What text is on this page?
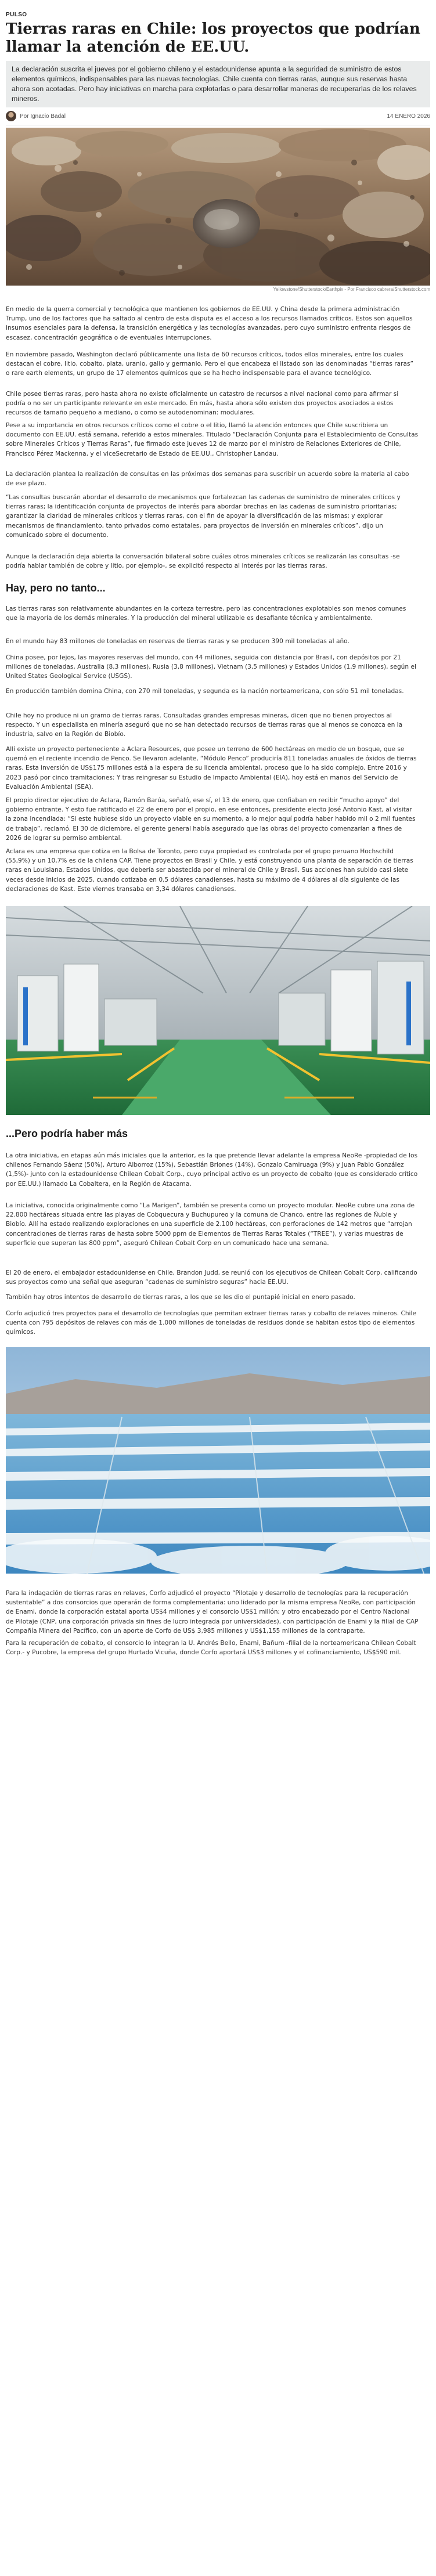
PULSO
Tierras raras en Chile: los proyectos que podrían llamar la atención de EE.UU.
La declaración suscrita el jueves por el gobierno chileno y el estadounidense apunta a la seguridad de suministro de estos elementos químicos, indispensables para las nuevas tecnologías. Chile cuenta con tierras raras, aunque sus reservas hasta ahora son acotadas. Pero hay iniciativas en marcha para explotarlas o para desarrollar maneras de recuperarlas de los relaves mineros.
Por Ignacio Badal	14 ENERO 2026
Yellowstone/Shutterstock/Earthpix - Por Francisco cabrera/Shutterstock.com

En medio de la guerra comercial y tecnológica que mantienen los gobiernos de EE.UU. y China desde la primera administración Trump, uno de los factores que ha saltado al centro de esta disputa es el acceso a los recursos llamados críticos. Estos son aquellos insumos esenciales para la defensa, la transición energética y las tecnologías avanzadas, pero cuyo suministro enfrenta riesgos de escasez, concentración geográfica o de eventuales interrupciones.

En noviembre pasado, Washington declaró públicamente una lista de 60 recursos críticos, todos ellos minerales, entre los cuales destacan el cobre, litio, cobalto, plata, uranio, galio y germanio. Pero el que encabeza el listado son las denominadas “tierras raras” o rare earth elements, un grupo de 17 elementos químicos que se ha hecho indispensable para el avance tecnológico.

Chile posee tierras raras, pero hasta ahora no existe oficialmente un catastro de recursos a nivel nacional como para afirmar si podría o no ser un participante relevante en este mercado. En más, hasta ahora sólo existen dos proyectos asociados a estos recursos de tamaño pequeño a mediano, o como se autodenominan: modulares.

Pese a su importancia en otros recursos críticos como el cobre o el litio, llamó la atención entonces que Chile suscribiera un documento con EE.UU. está semana, referido a estos minerales. Titulado “Declaración Conjunta para el Establecimiento de Consultas sobre Minerales Críticos y Tierras Raras”, fue firmado este jueves 12 de marzo por el ministro de Relaciones Exteriores de Chile, Francisco Pérez Mackenna, y el viceSecretario de Estado de EE.UU., Christopher Landau.

La declaración plantea la realización de consultas en las próximas dos semanas para suscribir un acuerdo sobre la materia al cabo de ese plazo.

“Las consultas buscarán abordar el desarrollo de mecanismos que fortalezcan las cadenas de suministro de minerales críticos y tierras raras; la identificación conjunta de proyectos de interés para abordar brechas en las cadenas de suministro prioritarias; garantizar la claridad de minerales críticos y tierras raras, con el fin de apoyar la diversificación de las mismas; y explorar mecanismos de financiamiento, tanto privados como estatales, para proyectos de inversión en minerales críticos”, dijo un comunicado sobre el documento.

Aunque la declaración deja abierta la conversación bilateral sobre cuáles otros minerales críticos se realizarán las consultas -se podría hablar también de cobre y litio, por ejemplo-, se explicitó respecto al interés por las tierras raras.

Hay, pero no tanto...

Las tierras raras son relativamente abundantes en la corteza terrestre, pero las concentraciones explotables son menos comunes que la mayoría de los demás minerales. Y la producción del mineral utilizable es desafiante técnica y ambientalmente.

En el mundo hay 83 millones de toneladas en reservas de tierras raras y se producen 390 mil toneladas al año.

China posee, por lejos, las mayores reservas del mundo, con 44 millones, seguida con distancia por Brasil, con depósitos por 21 millones de toneladas, Australia (8,3 millones), Rusia (3,8 millones), Vietnam (3,5 millones) y Estados Unidos (1,9 millones), según el United States Geological Service (USGS).

En producción también domina China, con 270 mil toneladas, y segunda es la nación norteamericana, con sólo 51 mil toneladas.

Chile hoy no produce ni un gramo de tierras raras. Consultadas grandes empresas mineras, dicen que no tienen proyectos al respecto. Y un especialista en minería aseguró que no se han detectado recursos de tierras raras que al menos se conozca en la industria, salvo en la Región de Biobío.

Allí existe un proyecto perteneciente a Aclara Resources, que posee un terreno de 600 hectáreas en medio de un bosque, que se quemó en el reciente incendio de Penco. Se llevaron adelante, “Módulo Penco” produciría 811 toneladas anuales de óxidos de tierras raras. Esta inversión de US$175 millones está a la espera de su licencia ambiental, proceso que lo ha sido complejo. Entre 2016 y 2023 pasó por cinco tramitaciones: Y tras reingresar su Estudio de Impacto Ambiental (EIA), hoy está en manos del Servicio de Evaluación Ambiental (SEA).

El propio director ejecutivo de Aclara, Ramón Barúa, señaló, ese sí, el 13 de enero, que confiaban en recibir “mucho apoyo” del gobierno entrante. Y esto fue ratificado el 22 de enero por el propio, en ese entonces, presidente electo José Antonio Kast, al visitar la zona incendiada: “Si este hubiese sido un proyecto viable en su momento, a lo mejor aquí podría haber habido mil o 2 mil fuentes de trabajo”, reclamó. El 30 de diciembre, el gerente general había asegurado que las obras del proyecto comenzarían a fines de 2026 de lograr su permiso ambiental.

Aclara es una empresa que cotiza en la Bolsa de Toronto, pero cuya propiedad es controlada por el grupo peruano Hochschild (55,9%) y un 10,7% es de la chilena CAP. Tiene proyectos en Brasil y Chile, y está construyendo una planta de separación de tierras raras en Louisiana, Estados Unidos, que debería ser abastecida por el mineral de Chile y Brasil. Sus acciones han subido casi siete veces desde inicios de 2025, cuando cotizaba en 0,5 dólares canadienses, hasta su máximo de 4 dólares al día siguiente de las declaraciones de Kast. Este viernes transaba en 3,34 dólares canadienses.

...Pero podría haber más

La otra iniciativa, en etapas aún más iniciales que la anterior, es la que pretende llevar adelante la empresa NeoRe -propiedad de los chilenos Fernando Sáenz (50%), Arturo Alborroz (15%), Sebastián Briones (14%), Gonzalo Camiruaga (9%) y Juan Pablo González (1,5%)- junto con la estadounidense Chilean Cobalt Corp., cuyo principal activo es un proyecto de cobalto (que es considerado crítico por EE.UU.) llamado La Cobaltera, en la Región de Atacama.

La iniciativa, conocida originalmente como “La Marigen”, también se presenta como un proyecto modular. NeoRe cubre una zona de 22.800 hectáreas situada entre las playas de Cobquecura y Buchupureo y la comuna de Chanco, entre las regiones de Ñuble y Biobío. Allí ha estado realizando exploraciones en una superficie de 2.100 hectáreas, con perforaciones de 142 metros que “arrojan concentraciones de tierras raras de hasta sobre 5000 ppm de Elementos de Tierras Raras Totales (“TREE”), y varias muestras de superficie que superan las 800 ppm”, aseguró Chilean Cobalt Corp en un comunicado hace una semana.

El 20 de enero, el embajador estadounidense en Chile, Brandon Judd, se reunió con los ejecutivos de Chilean Cobalt Corp, calificando sus proyectos como una señal que aseguran “cadenas de suministro seguras” hacia EE.UU.

También hay otros intentos de desarrollo de tierras raras, a los que se les dio el puntapié inicial en enero pasado.

Corfo adjudicó tres proyectos para el desarrollo de tecnologías que permitan extraer tierras raras y cobalto de relaves mineros. Chile cuenta con 795 depósitos de relaves con más de 1.000 millones de toneladas de residuos donde se habitan estos tipo de elementos químicos.

Para la indagación de tierras raras en relaves, Corfo adjudicó el proyecto “Pilotaje y desarrollo de tecnologías para la recuperación sustentable” a dos consorcios que operarán de forma complementaria: uno liderado por la misma empresa NeoRe, con participación de Enami, donde la corporación estatal aporta US$4 millones y el consorcio US$1 millón; y otro encabezado por el Centro Nacional de Pilotaje (CNP, una corporación privada sin fines de lucro integrada por universidades), con participación de Enami y la filial de CAP Compañía Minera del Pacífico, con un aporte de Corfo de US$ 3,985 millones y US$1,155 millones de la contraparte.

Para la recuperación de cobalto, el consorcio lo integran la U. Andrés Bello, Enami, Bañum -filial de la norteamericana Chilean Cobalt Corp.- y Pucobre, la empresa del grupo Hurtado Vicuña, donde Corfo aportará US$3 millones y el cofinanciamiento, US$590 mil.
